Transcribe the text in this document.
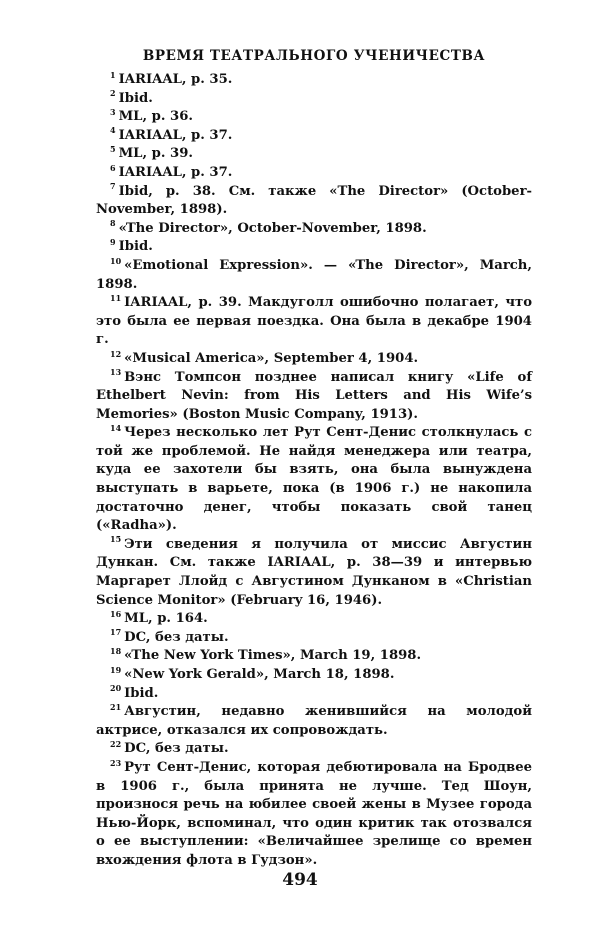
ВРЕМЯ ТЕАТРАЛЬНОГО УЧЕНИЧЕСТВА

$^1$ IARIAAL, p. 35.

$^2$ Ibid.

$^3$ ML, p. 36.

$^4$ IARIAAL, p. 37.

$^5$ ML, p. 39.

$^6$ IARIAAL, p. 37.

$^7$ Ibid, p. 38. См. также «The Director» (October-November, 1898).

$^8$ «The Director», October-November, 1898.

$^9$ Ibid.

$^{10}$ «Emotional Expression». — «The Director», March, 1898.

$^{11}$ IARIAAL, p. 39. Макдуголл ошибочно полагает, что это была ее первая поездка. Она была в декабре 1904 г.

$^{12}$ «Musical America», September 4, 1904.

$^{13}$ Вэнс Томпсон позднее написал книгу «Life of Ethelbert Nevin: from His Letters and His Wife’s Memories» (Boston Music Company, 1913).

$^{14}$ Через несколько лет Рут Сент-Денис столкнулась с той же проблемой. Не найдя менеджера или театра, куда ее захотели бы взять, она была вынуждена выступать в варьете, пока (в 1906 г.) не накопила достаточно денег, чтобы показать свой танец («Radha»).

$^{15}$ Эти сведения я получила от миссис Августин Дункан. См. также IARIAAL, p. 38—39 и интервью Маргарет Ллойд с Августином Дунканом в «Christian Science Monitor» (February 16, 1946).

$^{16}$ ML, p. 164.

$^{17}$ DC, без даты.

$^{18}$ «The New York Times», March 19, 1898.

$^{19}$ «New York Gerald», March 18, 1898.

$^{20}$ Ibid.

$^{21}$ Августин, недавно женившийся на молодой актрисе, отказался их сопровождать.

$^{22}$ DC, без даты.

$^{23}$ Рут Сент-Денис, которая дебютировала на Бродвее в 1906 г., была принята не лучше. Тед Шоун, произнося речь на юбилее своей жены в Музее города Нью-Йорк, вспоминал, что один критик так отозвался о ее выступлении: «Величайшее зрелище со времен вхождения флота в Гудзон».

494
